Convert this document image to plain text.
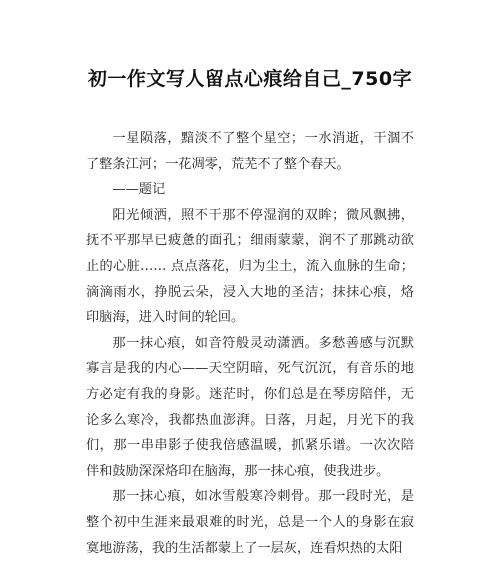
初一作文写人留点心痕给自己_750字

一星陨落，黯淡不了整个星空；一水消逝，干涸不了整条江河；一花凋零，荒芜不了整个春天。

——题记

阳光倾洒，照不干那不停湿润的双眸；微风飘拂，抚不平那早已疲惫的面孔；细雨蒙蒙，润不了那跳动欲止的心脏…… 点点落花，归为尘土，流入血脉的生命；滴滴雨水，挣脱云朵，浸入大地的圣洁；抹抹心痕，烙印脑海，进入时间的轮回。

那一抹心痕，如音符般灵动潇洒。多愁善感与沉默寡言是我的内心——天空阴暗，死气沉沉，有音乐的地方必定有我的身影。迷茫时，你们总是在琴房陪伴，无论多么寒冷，我都热血澎湃。日落，月起，月光下的我们，那一串串影子使我倍感温暖，抓紧乐谱。一次次陪伴和鼓励深深烙印在脑海，那一抹心痕，使我进步。

那一抹心痕，如冰雪般寒冷刺骨。那一段时光，是整个初中生涯来最艰难的时光，总是一个人的身影在寂寞地游荡，我的生活都蒙上了一层灰，连看炽热的太阳
